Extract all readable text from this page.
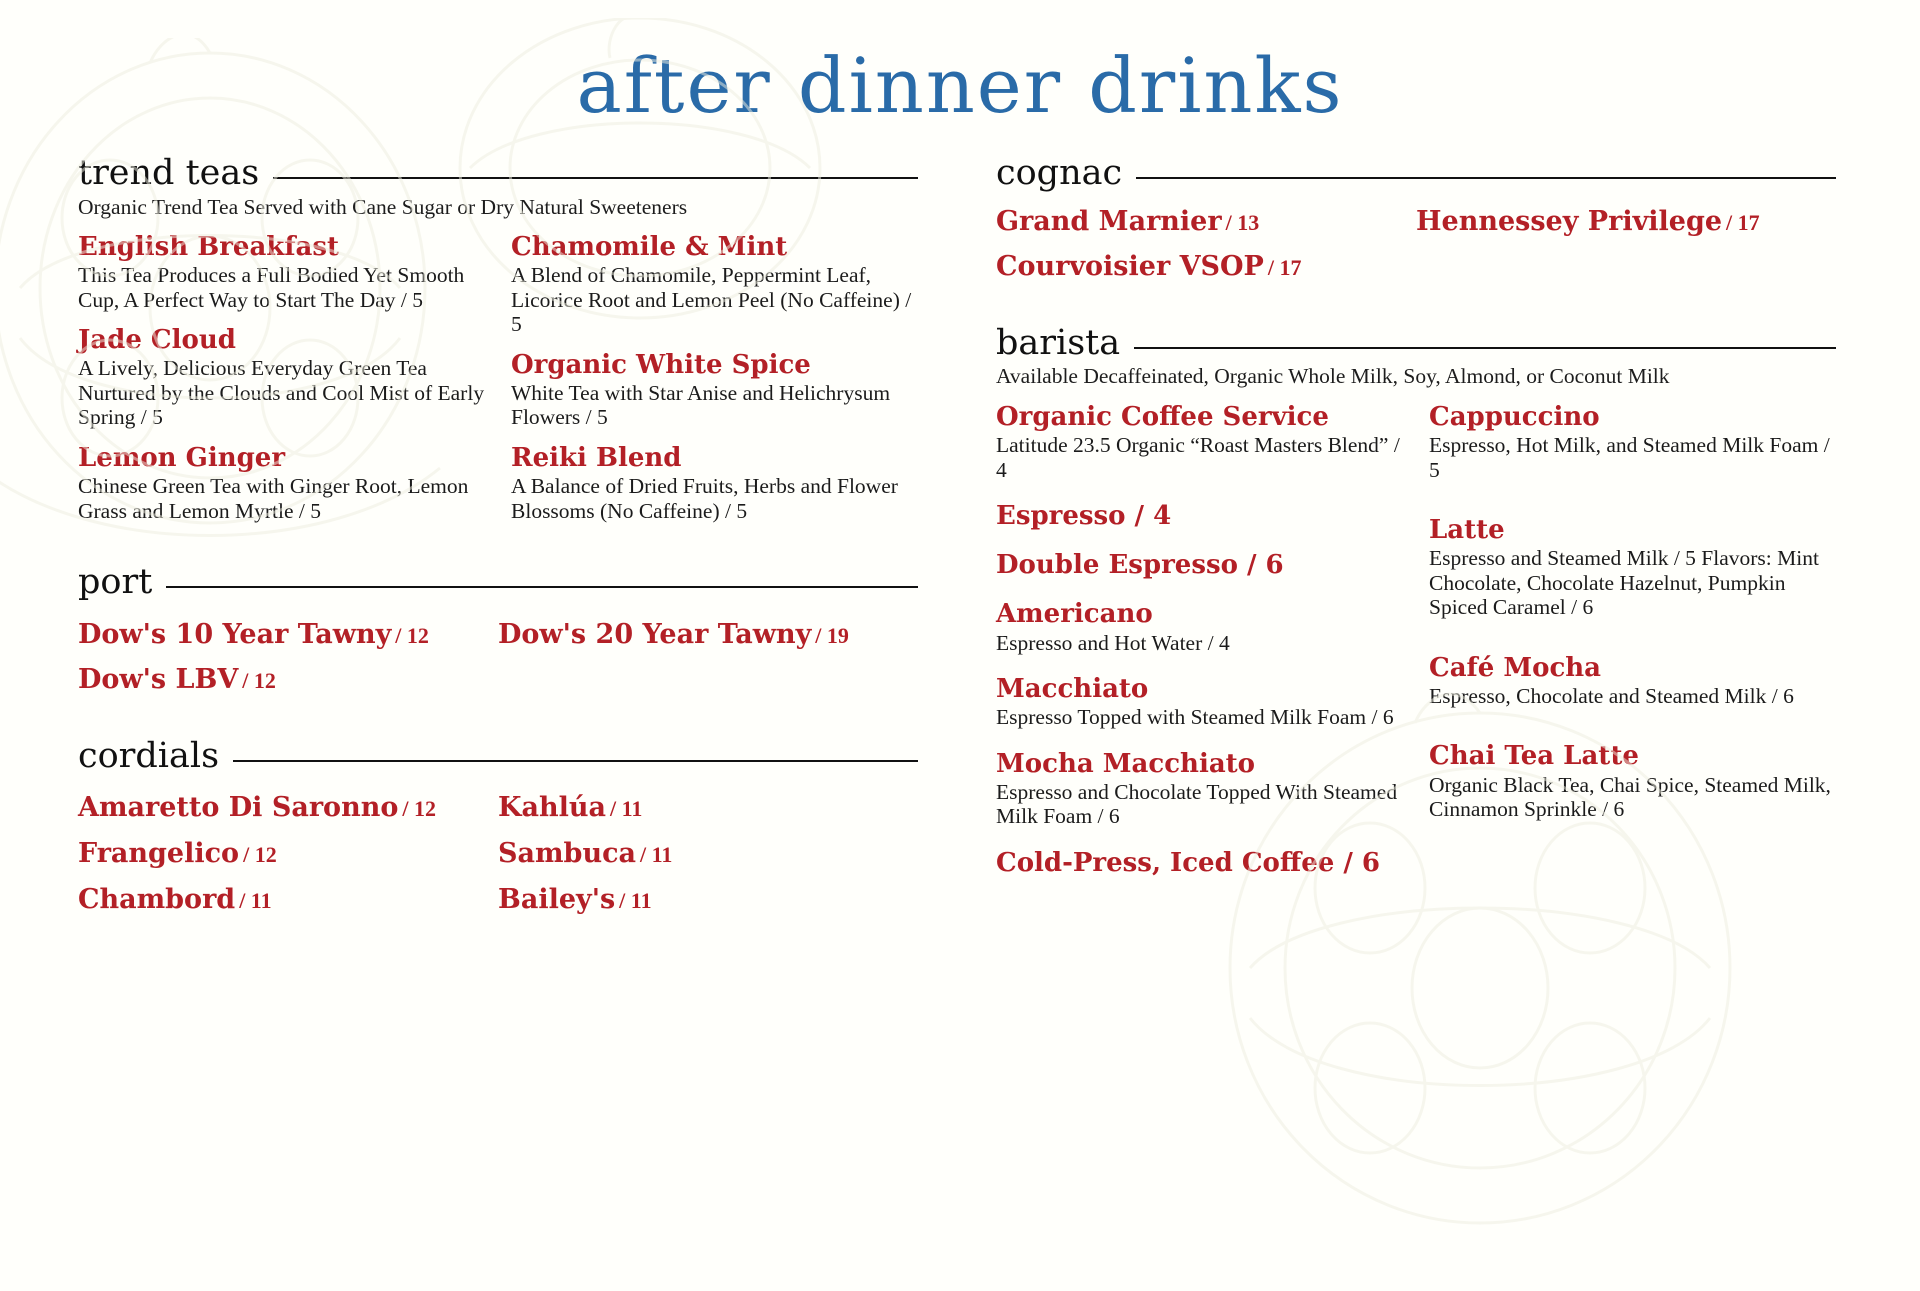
after dinner drinks
trend teas

Organic Trend Tea Served with Cane Sugar or Dry Natural Sweeteners

English Breakfast

This Tea Produces a Full Bodied Yet Smooth Cup, A Perfect Way to Start The Day / 5

Jade Cloud

A Lively, Delicious Everyday Green Tea Nurtured by the Clouds and Cool Mist of Early Spring / 5

Lemon Ginger

Chinese Green Tea with Ginger Root, Lemon Grass and Lemon Myrtle / 5

Chamomile & Mint

A Blend of Chamomile, Peppermint Leaf, Licorice Root and Lemon Peel (No Caffeine) / 5

Organic White Spice

White Tea with Star Anise and Helichrysum Flowers / 5

Reiki Blend

A Balance of Dried Fruits, Herbs and Flower Blossoms (No Caffeine) / 5

port
Dow's 10 Year Tawny / 12	Dow's 20 Year Tawny / 19
Dow's LBV / 12
cordials
Amaretto Di Saronno / 12	Kahlúa / 11
Frangelico / 12	Sambuca / 11
Chambord / 11	Bailey's / 11
cognac
Grand Marnier / 13	Hennessey Privilege / 17
Courvoisier VSOP / 17
barista

Available Decaffeinated, Organic Whole Milk, Soy, Almond, or Coconut Milk

Organic Coffee Service

Latitude 23.5 Organic “Roast Masters Blend” / 4

Espresso / 4

Double Espresso / 6

Americano

Espresso and Hot Water / 4

Macchiato

Espresso Topped with Steamed Milk Foam / 6

Mocha Macchiato

Espresso and Chocolate Topped With Steamed Milk Foam / 6

Cold-Press, Iced Coffee / 6

Cappuccino

Espresso, Hot Milk, and Steamed Milk Foam / 5

Latte

Espresso and Steamed Milk / 5 Flavors: Mint Chocolate, Chocolate Hazelnut, Pumpkin Spiced Caramel / 6

Café Mocha

Espresso, Chocolate and Steamed Milk / 6

Chai Tea Latte

Organic Black Tea, Chai Spice, Steamed Milk, Cinnamon Sprinkle / 6
